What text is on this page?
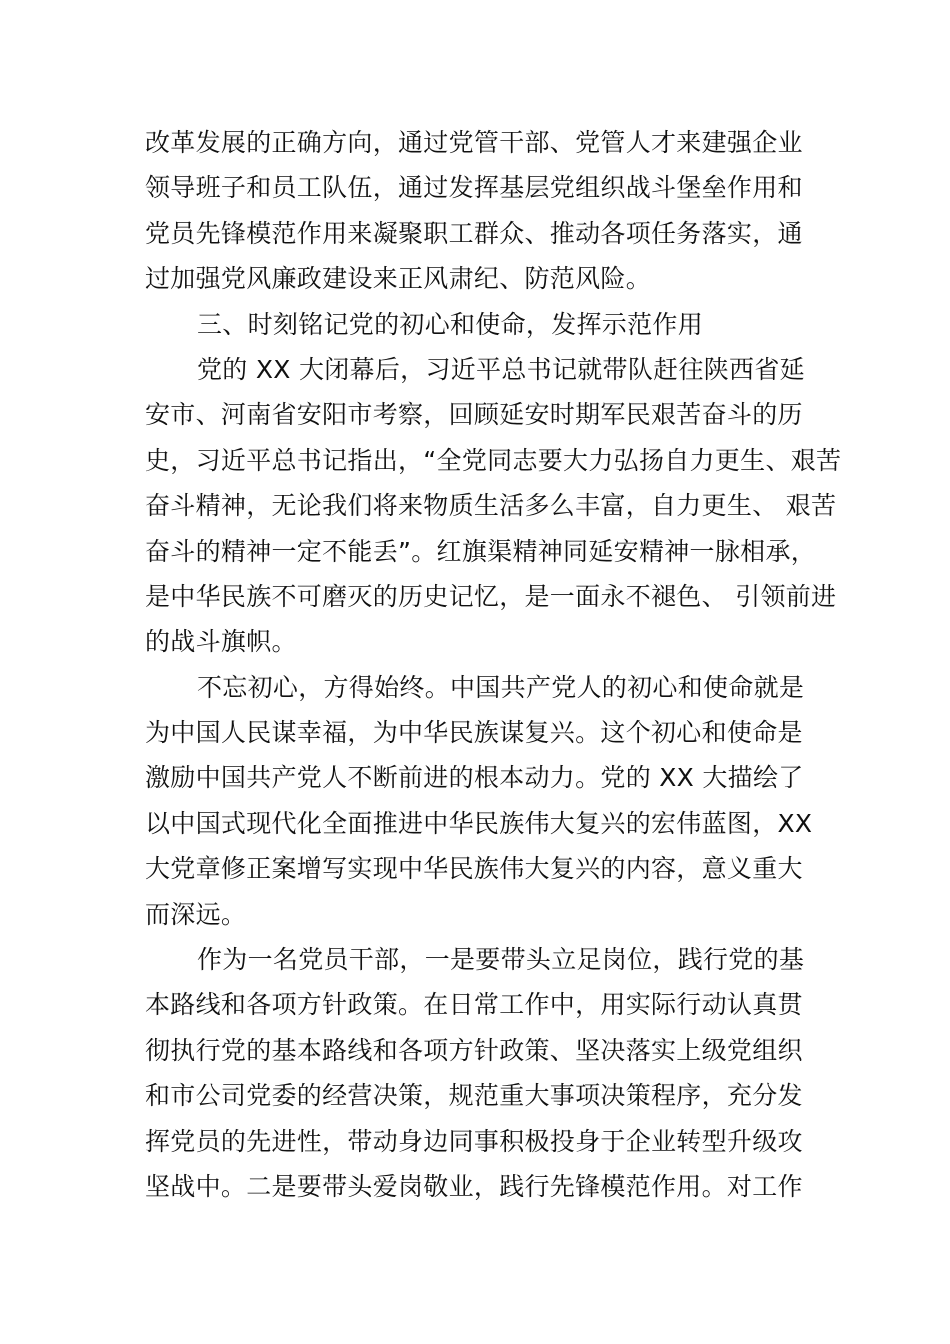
改革发展的正确方向，通过党管干部、党管人才来建强企业
领导班子和员工队伍，通过发挥基层党组织战斗堡垒作用和
党员先锋模范作用来凝聚职工群众、推动各项任务落实，通
过加强党风廉政建设来正风肃纪、防范风险。
三、时刻铭记党的初心和使命，发挥示范作用
党的 XX 大闭幕后，习近平总书记就带队赶往陕西省延
安市、河南省安阳市考察，回顾延安时期军民艰苦奋斗的历
史，习近平总书记指出，“全党同志要大力弘扬自力更生、艰苦
奋斗精神，无论我们将来物质生活多么丰富，自力更生、 艰苦
奋斗的精神一定不能丢”。红旗渠精神同延安精神一脉相承，
是中华民族不可磨灭的历史记忆，是一面永不褪色、 引领前进
的战斗旗帜。
不忘初心，方得始终。中国共产党人的初心和使命就是
为中国人民谋幸福，为中华民族谋复兴。这个初心和使命是
激励中国共产党人不断前进的根本动力。党的 XX 大描绘了
以中国式现代化全面推进中华民族伟大复兴的宏伟蓝图，XX
大党章修正案增写实现中华民族伟大复兴的内容，意义重大
而深远。
作为一名党员干部，一是要带头立足岗位，践行党的基
本路线和各项方针政策。在日常工作中，用实际行动认真贯
彻执行党的基本路线和各项方针政策、坚决落实上级党组织
和市公司党委的经营决策，规范重大事项决策程序，充分发
挥党员的先进性，带动身边同事积极投身于企业转型升级攻
坚战中。二是要带头爱岗敬业，践行先锋模范作用。对工作
